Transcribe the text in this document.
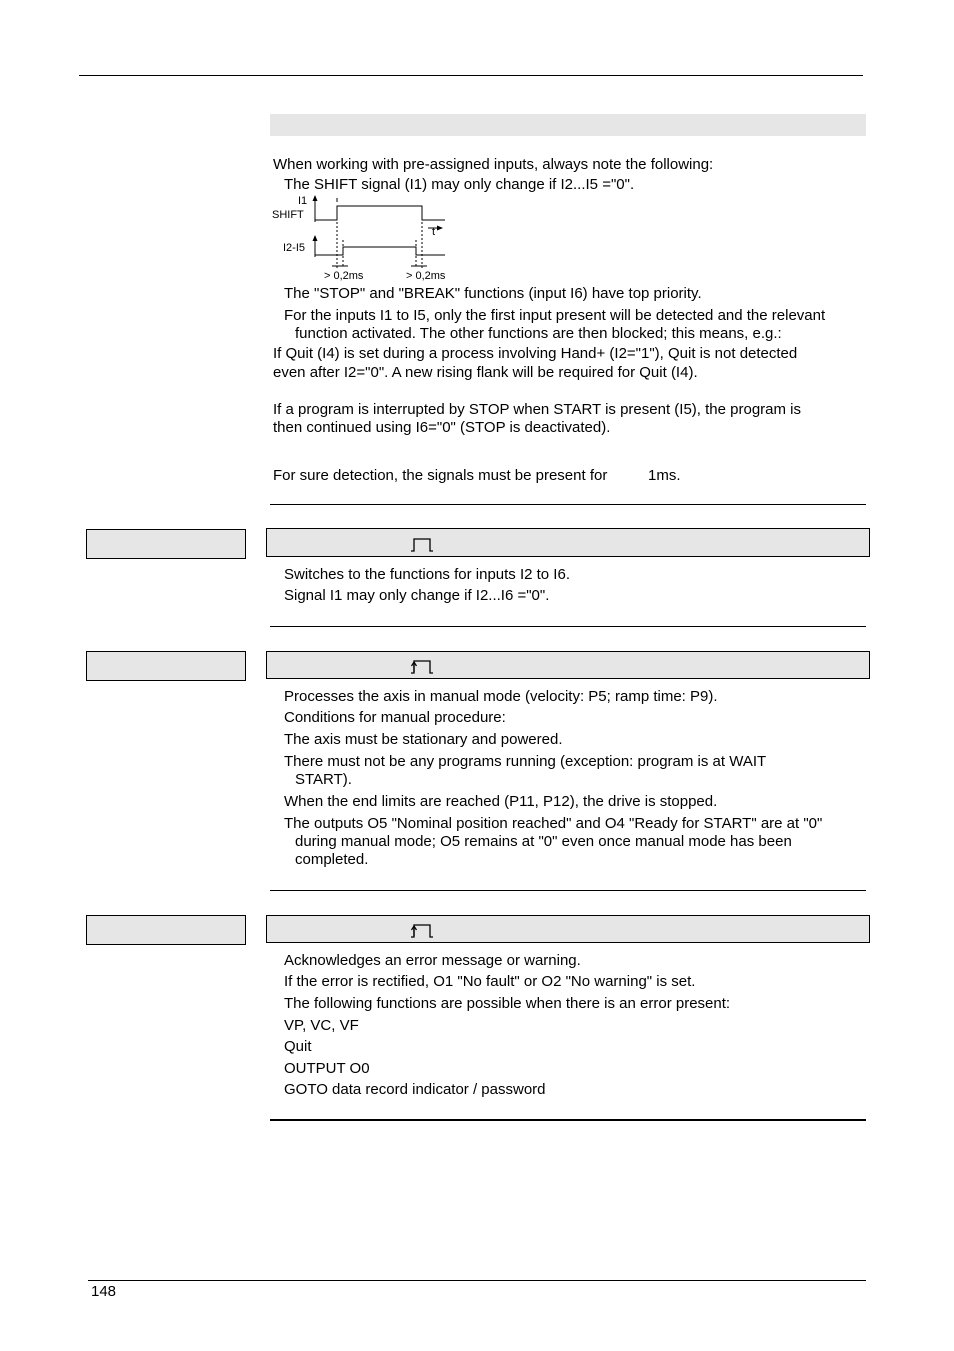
When working with pre-assigned inputs, always note the following:
The SHIFT signal (I1) may only change if I2...I5 ="0".
I1
SHIFT
I2-I5
t
> 0,2ms	> 0,2ms
The "STOP" and "BREAK" functions (input I6) have top priority.
For the inputs I1 to I5, only the first input present will be detected and the relevant
function activated. The other functions are then blocked; this means, e.g.:
If Quit (I4) is set during a process involving Hand+ (I2="1"), Quit is not detected
even after I2="0". A new rising flank will be required for Quit (I4).
If a program is interrupted by STOP when START is present (I5), the program is
then continued using I6="0" (STOP is deactivated).
For sure detection, the signals must be present for	1ms.
Switches to the functions for inputs I2 to I6.
Signal I1 may only change if I2...I6 ="0".
Processes the axis in manual mode (velocity: P5; ramp time: P9).
Conditions for manual procedure:
The axis must be stationary and powered.
There must not be any programs running (exception: program is at WAIT
START).
When the end limits are reached (P11, P12), the drive is stopped.
The outputs O5 "Nominal position reached" and O4 "Ready for START" are at "0"
during manual mode; O5 remains at "0" even once manual mode has been
completed.
Acknowledges an error message or warning.
If the error is rectified, O1 "No fault" or O2 "No warning" is set.
The following functions are possible when there is an error present:
VP, VC, VF
Quit
OUTPUT O0
GOTO data record indicator / password
148
